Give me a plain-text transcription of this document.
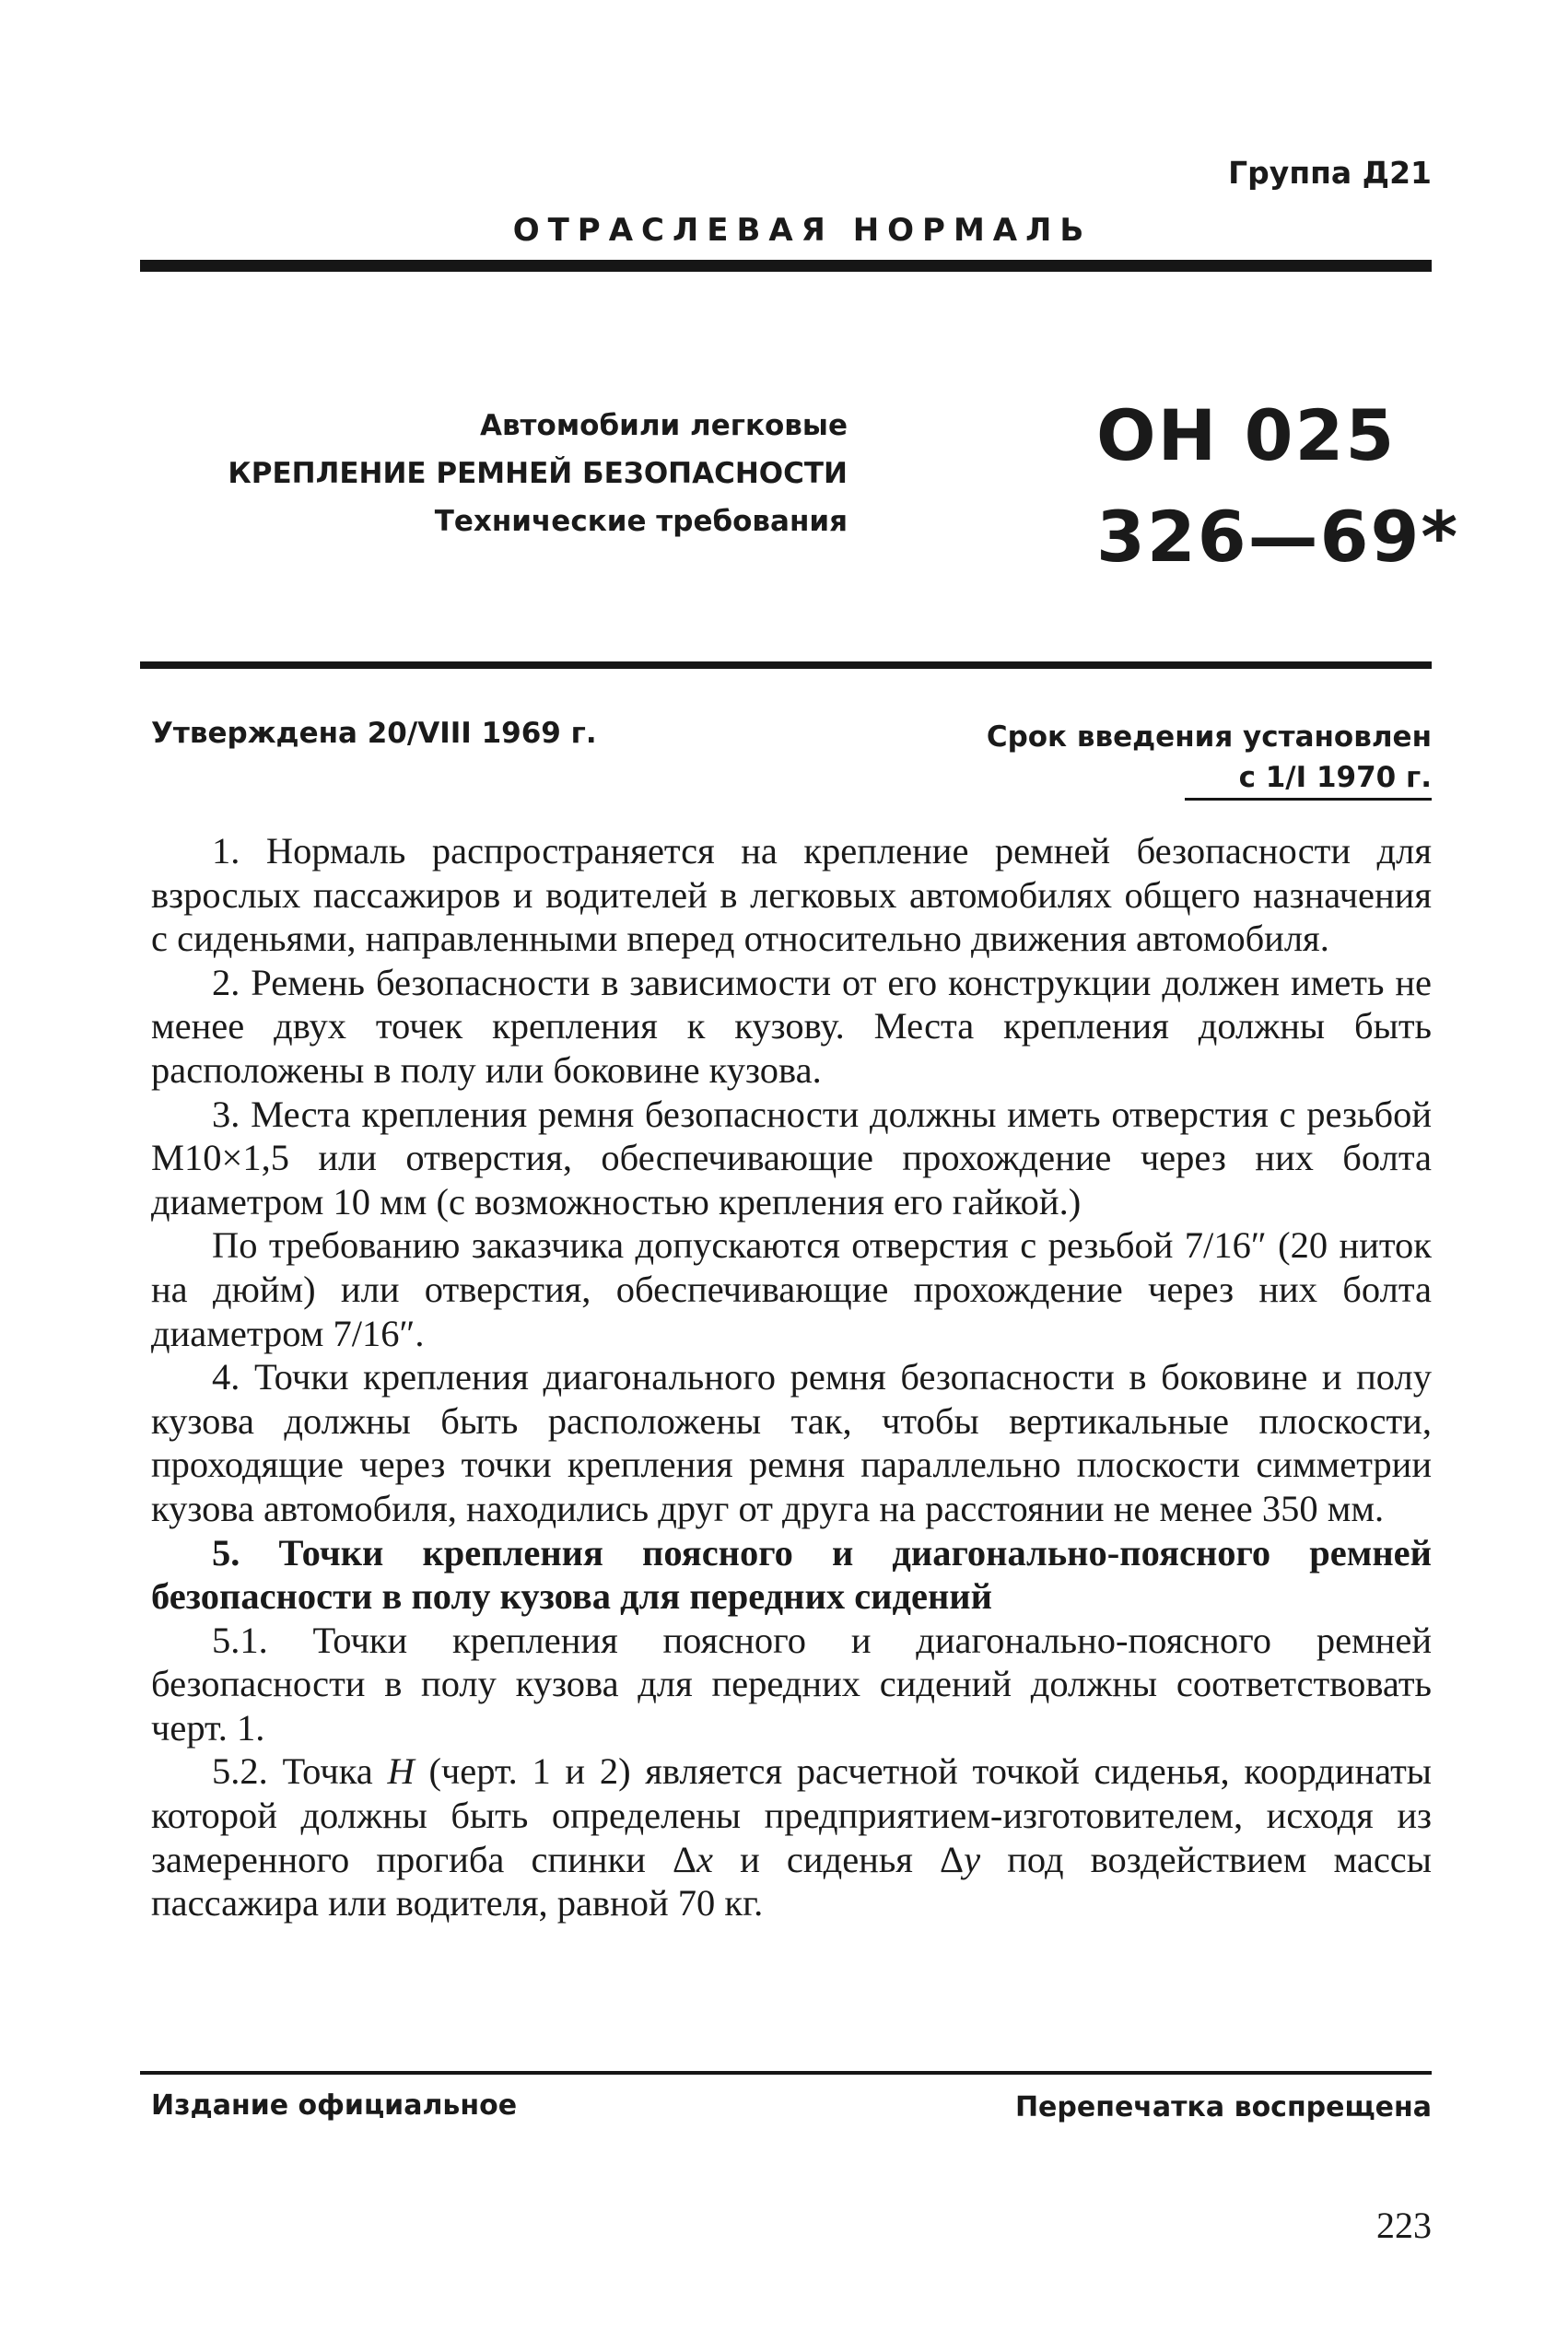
Группа Д21
ОТРАСЛЕВАЯ НОРМАЛЬ
Автомобили легковые
КРЕПЛЕНИЕ РЕМНЕЙ БЕЗОПАСНОСТИ
Технические требования
ОН 025
326—69*
Утверждена 20/VIII 1969 г.	Срок введения установлен
с 1/I 1970 г.

1. Нормаль распространяется на крепление ремней безопасности для взрослых пассажиров и водителей в легковых автомобилях общего назначения с сиденьями, направленными вперед относительно движения автомобиля.

2. Ремень безопасности в зависимости от его конструкции должен иметь не менее двух точек крепления к кузову. Места крепления должны быть расположены в полу или боковине кузова.

3. Места крепления ремня безопасности должны иметь отверстия с резьбой М10×1,5 или отверстия, обеспечивающие прохождение через них болта диаметром 10 мм (с возможностью крепления его гайкой.)

По требованию заказчика допускаются отверстия с резьбой 7/16″ (20 ниток на дюйм) или отверстия, обеспечивающие прохождение через них болта диаметром 7/16″.

4. Точки крепления диагонального ремня безопасности в боковине и полу кузова должны быть расположены так, чтобы вертикальные плоскости, проходящие через точки крепления ремня параллельно плоскости симметрии кузова автомобиля, находились друг от друга на расстоянии не менее 350 мм.

5. Точки крепления поясного и диагонально-поясного ремней безопасности в полу кузова для передних сидений

5.1. Точки крепления поясного и диагонально-поясного ремней безопасности в полу кузова для передних сидений должны соответствовать черт. 1.

5.2. Точка H (черт. 1 и 2) является расчетной точкой сиденья, координаты которой должны быть определены предприятием-изготовителем, исходя из замеренного прогиба спинки Δx и сиденья Δy под воздействием массы пассажира или водителя, равной 70 кг.

Издание официальное	Перепечатка воспрещена
223
